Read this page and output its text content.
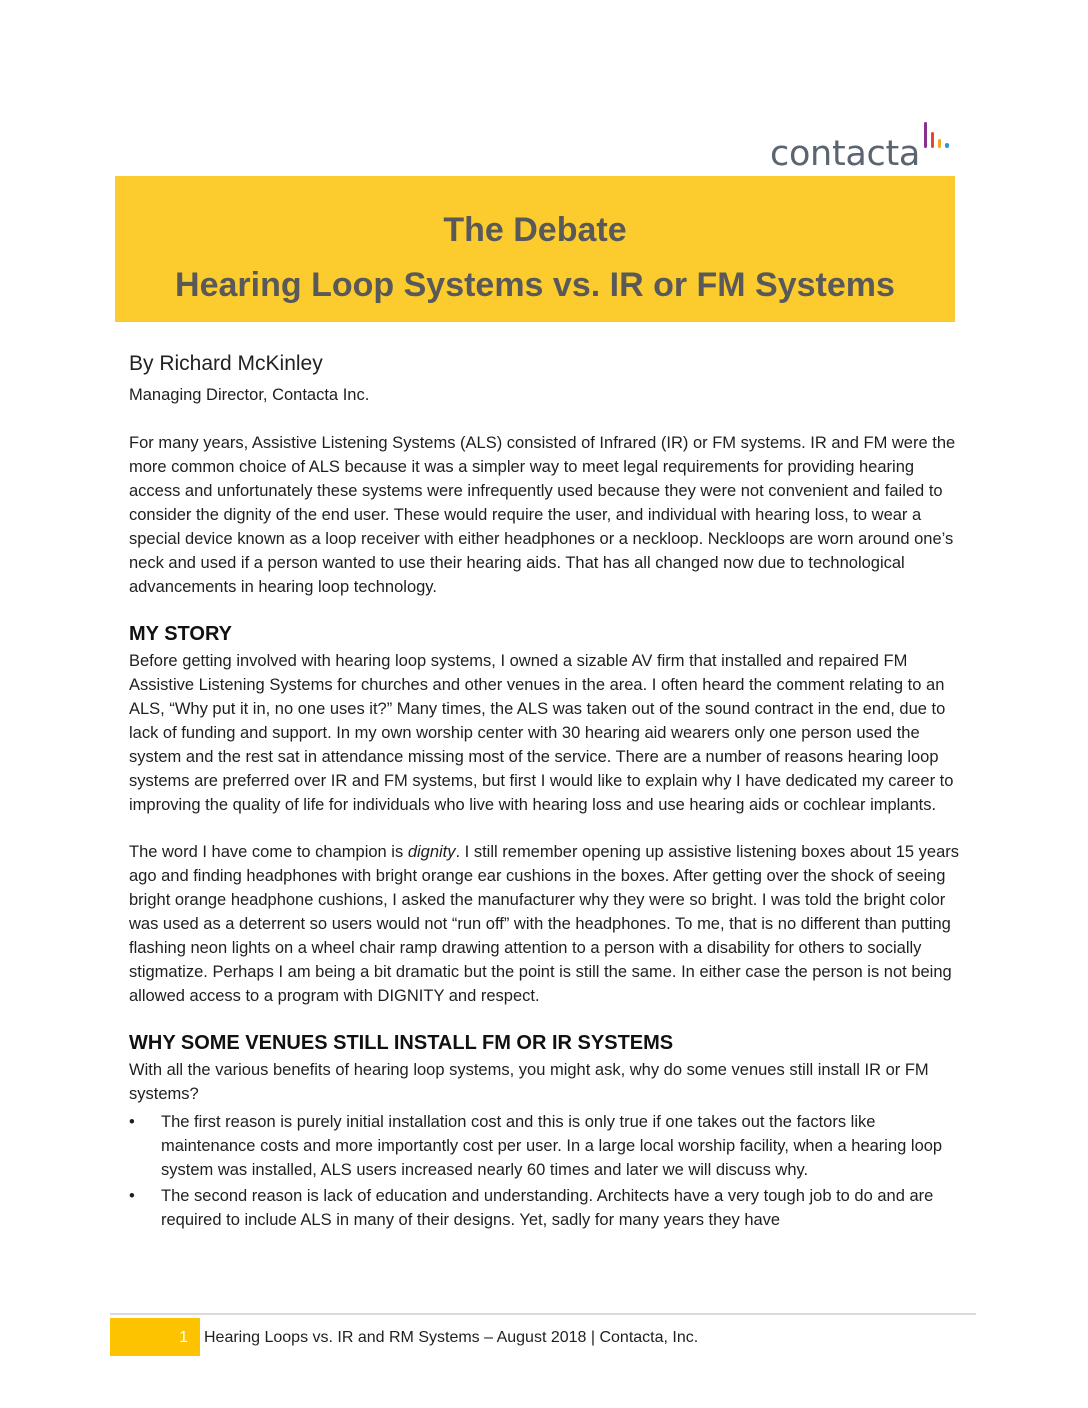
contacta
The Debate
Hearing Loop Systems vs. IR or FM Systems

By Richard McKinley

Managing Director, Contacta Inc.

For many years, Assistive Listening Systems (ALS) consisted of Infrared (IR) or FM systems. IR and FM were the more common choice of ALS because it was a simpler way to meet legal requirements for providing hearing access and unfortunately these systems were infrequently used because they were not convenient and failed to consider the dignity of the end user. These would require the user, and individual with hearing loss, to wear a special device known as a loop receiver with either headphones or a neckloop. Neckloops are worn around one’s neck and used if a person wanted to use their hearing aids. That has all changed now due to technological advancements in hearing loop technology.

MY STORY

Before getting involved with hearing loop systems, I owned a sizable AV firm that installed and repaired FM Assistive Listening Systems for churches and other venues in the area. I often heard the comment relating to an ALS, “Why put it in, no one uses it?” Many times, the ALS was taken out of the sound contract in the end, due to lack of funding and support. In my own worship center with 30 hearing aid wearers only one person used the system and the rest sat in attendance missing most of the service. There are a number of reasons hearing loop systems are preferred over IR and FM systems, but first I would like to explain why I have dedicated my career to improving the quality of life for individuals who live with hearing loss and use hearing aids or cochlear implants.

The word I have come to champion is dignity. I still remember opening up assistive listening boxes about 15 years ago and finding headphones with bright orange ear cushions in the boxes. After getting over the shock of seeing bright orange headphone cushions, I asked the manufacturer why they were so bright. I was told the bright color was used as a deterrent so users would not “run off” with the headphones. To me, that is no different than putting flashing neon lights on a wheel chair ramp drawing attention to a person with a disability for others to socially stigmatize. Perhaps I am being a bit dramatic but the point is still the same. In either case the person is not being allowed access to a program with DIGNITY and respect.

WHY SOME VENUES STILL INSTALL FM OR IR SYSTEMS

With all the various benefits of hearing loop systems, you might ask, why do some venues still install IR or FM systems?

• The first reason is purely initial installation cost and this is only true if one takes out the factors like maintenance costs and more importantly cost per user. In a large local worship facility, when a hearing loop system was installed, ALS users increased nearly 60 times and later we will discuss why.
• The second reason is lack of education and understanding. Architects have a very tough job to do and are required to include ALS in many of their designs. Yet, sadly for many years they have
1 Hearing Loops vs. IR and RM Systems – August 2018 | Contacta, Inc.
